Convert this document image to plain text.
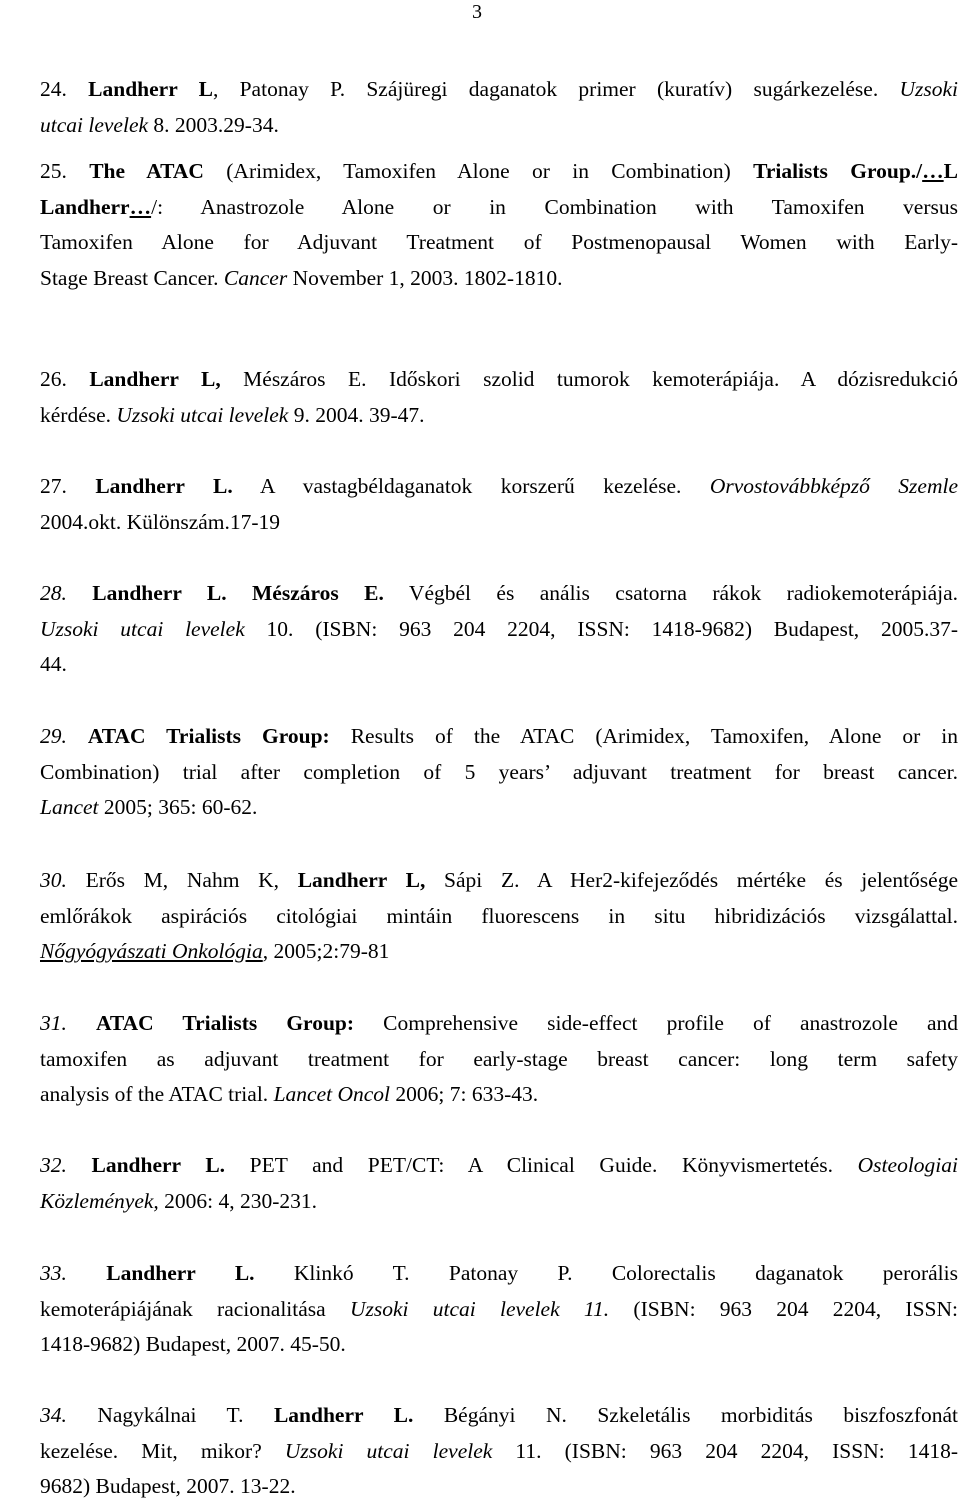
3
24. Landherr L, Patonay P. Szájüregi daganatok primer (kuratív) sugárkezelése. Uzsoki
utcai levelek 8. 2003.29-34.
25. The ATAC (Arimidex, Tamoxifen Alone or in Combination) Trialists Group./…L
Landherr…/: Anastrozole Alone or in Combination with Tamoxifen versus
Tamoxifen Alone for Adjuvant Treatment of Postmenopausal Women with Early-
Stage Breast Cancer. Cancer November 1, 2003. 1802-1810.
26. Landherr L, Mészáros E. Időskori szolid tumorok kemoterápiája. A dózisredukció
kérdése. Uzsoki utcai levelek 9. 2004. 39-47.
27. Landherr L. A vastagbéldaganatok korszerű kezelése. Orvostovábbképző Szemle
2004.okt. Különszám.17-19
28. Landherr L. Mészáros E. Végbél és anális csatorna rákok radiokemoterápiája.
Uzsoki utcai levelek 10. (ISBN: 963 204 2204, ISSN: 1418-9682) Budapest, 2005.37-
44.
29. ATAC Trialists Group: Results of the ATAC (Arimidex, Tamoxifen, Alone or in
Combination) trial after completion of 5 years’ adjuvant treatment for breast cancer.
Lancet 2005; 365: 60-62.
30. Erős M, Nahm K, Landherr L, Sápi Z. A Her2-kifejeződés mértéke és jelentősége
emlőrákok aspirációs citológiai mintáin fluorescens in situ hibridizációs vizsgálattal.
Nőgyógyászati Onkológia, 2005;2:79-81
31. ATAC Trialists Group: Comprehensive side-effect profile of anastrozole and
tamoxifen as adjuvant treatment for early-stage breast cancer: long term safety
analysis of the ATAC trial. Lancet Oncol 2006; 7: 633-43.
32. Landherr L. PET and PET/CT: A Clinical Guide. Könyvismertetés. Osteologiai
Közlemények, 2006: 4, 230-231.
33. Landherr L. Klinkó T. Patonay P. Colorectalis daganatok perorális
kemoterápiájának racionalitása Uzsoki utcai levelek 11. (ISBN: 963 204 2204, ISSN:
1418-9682) Budapest, 2007. 45-50.
34. Nagykálnai T. Landherr L. Bégányi N. Szkeletális morbiditás biszfoszfonát
kezelése. Mit, mikor? Uzsoki utcai levelek 11. (ISBN: 963 204 2204, ISSN: 1418-
9682) Budapest, 2007. 13-22.
